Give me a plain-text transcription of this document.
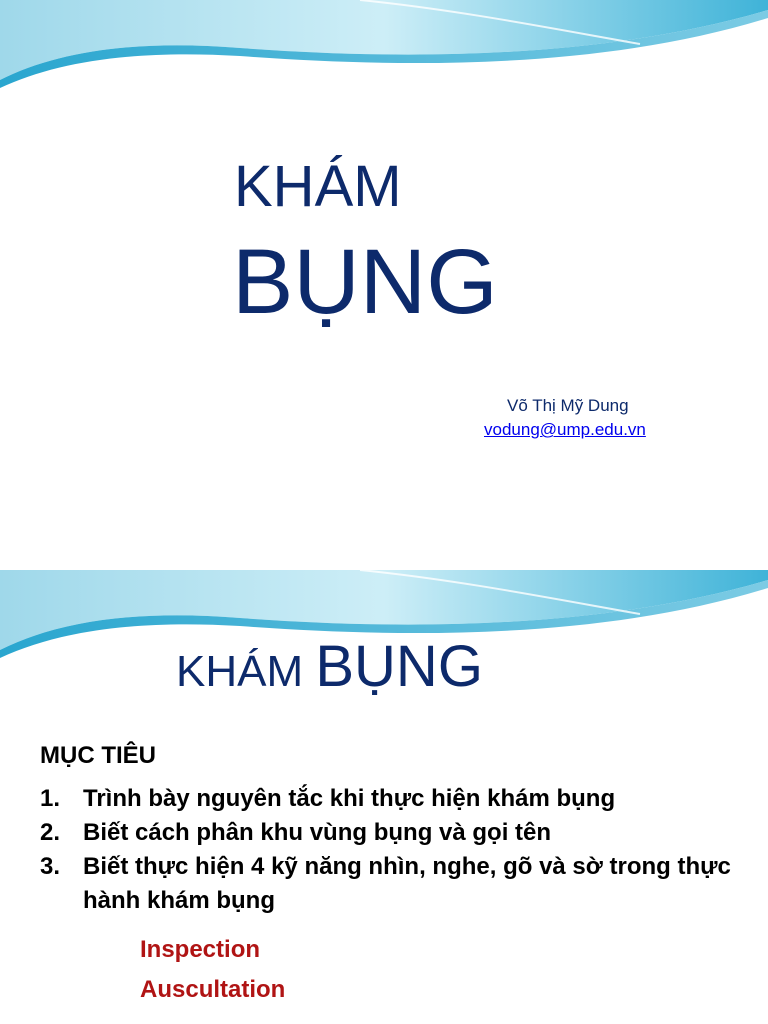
KHÁM
BỤNG
Võ Thị Mỹ Dung
vodung@ump.edu.vn
KHÁM BỤNG
MỤC TIÊU
1. Trình bày nguyên tắc khi thực hiện khám bụng
2. Biết cách phân khu vùng bụng và gọi tên
3. Biết thực hiện 4 kỹ năng nhìn, nghe, gõ và sờ trong thực hành khám bụng
Inspection
Auscultation
